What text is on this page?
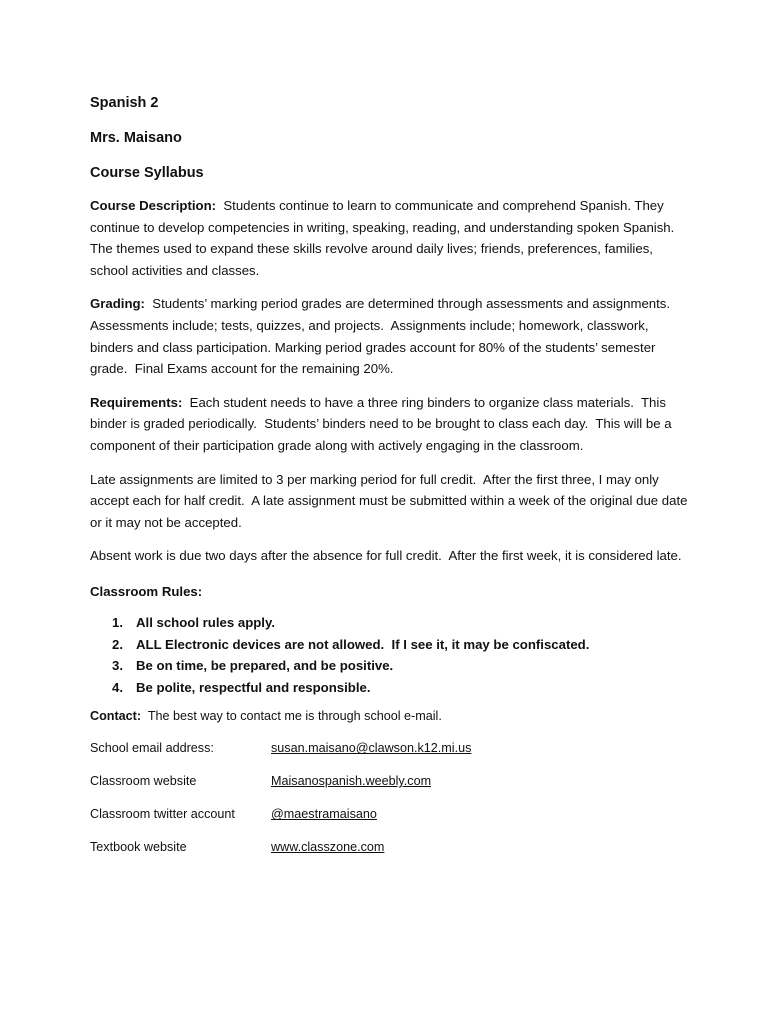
Spanish 2

Mrs. Maisano

Course Syllabus

Course Description:  Students continue to learn to communicate and comprehend Spanish. They continue to develop competencies in writing, speaking, reading, and understanding spoken Spanish.  The themes used to expand these skills revolve around daily lives; friends, preferences, families, school activities and classes.

Grading:  Students’ marking period grades are determined through assessments and assignments.  Assessments include; tests, quizzes, and projects.  Assignments include; homework, classwork, binders and class participation. Marking period grades account for 80% of the students’ semester grade.  Final Exams account for the remaining 20%.

Requirements:  Each student needs to have a three ring binders to organize class materials.  This binder is graded periodically.  Students’ binders need to be brought to class each day.  This will be a component of their participation grade along with actively engaging in the classroom.

Late assignments are limited to 3 per marking period for full credit.  After the first three, I may only accept each for half credit.  A late assignment must be submitted within a week of the original due date or it may not be accepted.

Absent work is due two days after the absence for full credit.  After the first week, it is considered late.

Classroom Rules:

1. All school rules apply.
2. ALL Electronic devices are not allowed.  If I see it, it may be confiscated.
3. Be on time, be prepared, and be positive.
4. Be polite, respectful and responsible.

Contact:  The best way to contact me is through school e-mail.

School email address:	susan.maisano@clawson.k12.mi.us
Classroom website	Maisanospanish.weebly.com
Classroom twitter account	@maestramaisano
Textbook website	www.classzone.com
